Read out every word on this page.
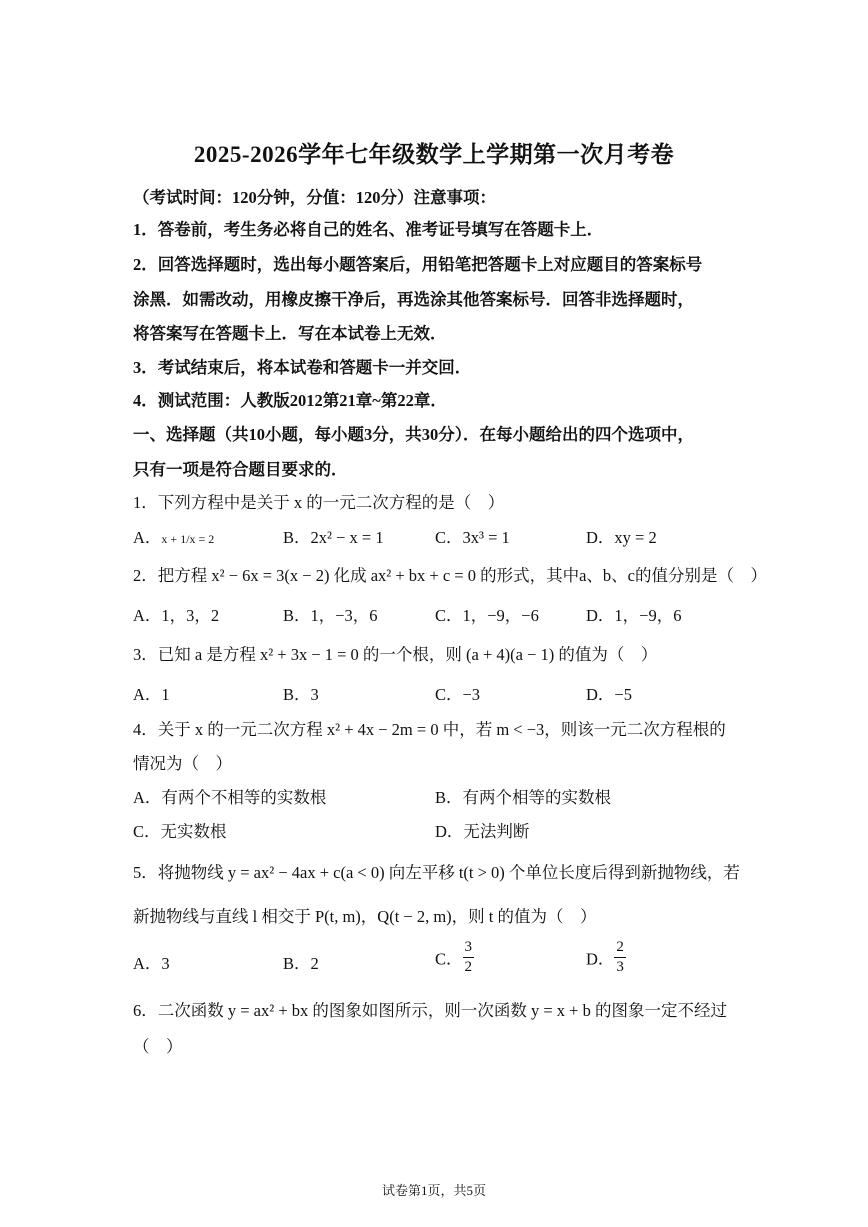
2025-2026学年七年级数学上学期第一次月考卷
（考试时间：120分钟，分值：120分）注意事项：
1．答卷前，考生务必将自己的姓名、准考证号填写在答题卡上．
2．回答选择题时，选出每小题答案后，用铅笔把答题卡上对应题目的答案标号
涂黑．如需改动，用橡皮擦干净后，再选涂其他答案标号．回答非选择题时，
将答案写在答题卡上．写在本试卷上无效．
3．考试结束后，将本试卷和答题卡一并交回．
4．测试范围：人教版2012第21章~第22章．
一、选择题（共10小题，每小题3分，共30分）．在每小题给出的四个选项中，
只有一项是符合题目要求的．
1．下列方程中是关于 x 的一元二次方程的是（　）
A．x + 1/x = 2	B．2x² − x = 1	C．3x³ = 1	D．xy = 2
2．把方程 x² − 6x = 3(x − 2) 化成 ax² + bx + c = 0 的形式，其中a、b、c的值分别是（　）
A．1，3，2	B．1，−3，6	C．1，−9，−6	D．1，−9，6
3．已知 a 是方程 x² + 3x − 1 = 0 的一个根，则 (a + 4)(a − 1) 的值为（　）
A．1	B．3	C．−3	D．−5
4．关于 x 的一元二次方程 x² + 4x − 2m = 0 中，若 m < −3，则该一元二次方程根的
情况为（　）
A．有两个不相等的实数根	B．有两个相等的实数根
C．无实数根	D．无法判断
5．将抛物线 y = ax² − 4ax + c(a < 0) 向左平移 t(t > 0) 个单位长度后得到新抛物线，若
新抛物线与直线 l 相交于 P(t, m)，Q(t − 2, m)，则 t 的值为（　）
A．3	B．2	C． $\frac{3}{2}$	D． $\frac{2}{3}$
6．二次函数 y = ax² + bx 的图象如图所示，则一次函数 y = x + b 的图象一定不经过
（　）
试卷第1页，共5页
